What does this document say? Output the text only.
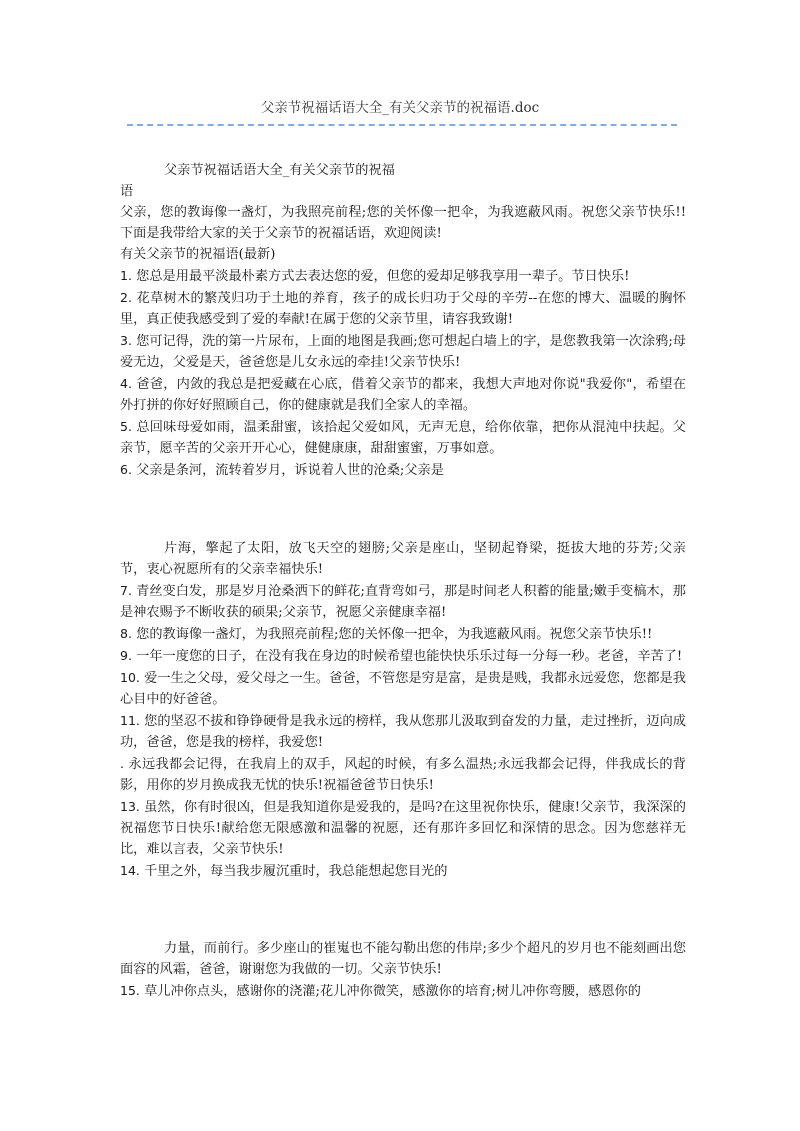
父亲节祝福话语大全_有关父亲节的祝福语.doc

父亲节祝福话语大全_有关父亲节的祝福

语

父亲，您的教诲像一盏灯，为我照亮前程;您的关怀像一把伞，为我遮蔽风雨。祝您父亲节快乐!!下面是我带给大家的关于父亲节的祝福话语，欢迎阅读!

有关父亲节的祝福语(最新)

1. 您总是用最平淡最朴素方式去表达您的爱，但您的爱却足够我享用一辈子。节日快乐!

2. 花草树木的繁茂归功于土地的养育，孩子的成长归功于父母的辛劳--在您的博大、温暖的胸怀里，真正使我感受到了爱的奉献!在属于您的父亲节里，请容我致谢!

3. 您可记得，洗的第一片尿布，上面的地图是我画;您可想起白墙上的字，是您教我第一次涂鸦;母爱无边，父爱是天，爸爸您是儿女永远的牵挂!父亲节快乐!

4. 爸爸，内敛的我总是把爱藏在心底，借着父亲节的都来，我想大声地对你说"我爱你"，希望在外打拼的你好好照顾自己，你的健康就是我们全家人的幸福。

5. 总回味母爱如雨，温柔甜蜜，该拾起父爱如风，无声无息，给你依靠，把你从混沌中扶起。父亲节，愿辛苦的父亲开开心心，健健康康，甜甜蜜蜜，万事如意。

6. 父亲是条河，流转着岁月，诉说着人世的沧桑;父亲是

片海，擎起了太阳，放飞天空的翅膀;父亲是座山，坚韧起脊梁，挺拔大地的芬芳;父亲节，衷心祝愿所有的父亲幸福快乐!

7. 青丝变白发，那是岁月沧桑洒下的鲜花;直背弯如弓，那是时间老人积蓄的能量;嫩手变槁木，那是神农赐予不断收获的硕果;父亲节，祝愿父亲健康幸福!

8. 您的教诲像一盏灯，为我照亮前程;您的关怀像一把伞，为我遮蔽风雨。祝您父亲节快乐!!

9. 一年一度您的日子，在没有我在身边的时候希望也能快快乐乐过每一分每一秒。老爸，辛苦了!

10. 爱一生之父母，爱父母之一生。爸爸，不管您是穷是富，是贵是贱，我都永远爱您，您都是我心目中的好爸爸。

11. 您的坚忍不拔和铮铮硬骨是我永远的榜样，我从您那儿汲取到奋发的力量，走过挫折，迈向成功，爸爸，您是我的榜样，我爱您!

. 永远我都会记得，在我肩上的双手，风起的时候，有多么温热;永远我都会记得，伴我成长的背影，用你的岁月换成我无忧的快乐!祝福爸爸节日快乐!

13. 虽然，你有时很凶，但是我知道你是爱我的，是吗?在这里祝你快乐，健康!父亲节，我深深的祝福您节日快乐!献给您无限感激和温馨的祝愿，还有那许多回忆和深情的思念。因为您慈祥无比，难以言表，父亲节快乐!

14. 千里之外，每当我步履沉重时，我总能想起您目光的

力量，而前行。多少座山的崔嵬也不能勾勒出您的伟岸;多少个超凡的岁月也不能刻画出您面容的风霜，爸爸，谢谢您为我做的一切。父亲节快乐!

15. 草儿冲你点头，感谢你的浇灌;花儿冲你微笑，感激你的培育;树儿冲你弯腰，感恩你的
